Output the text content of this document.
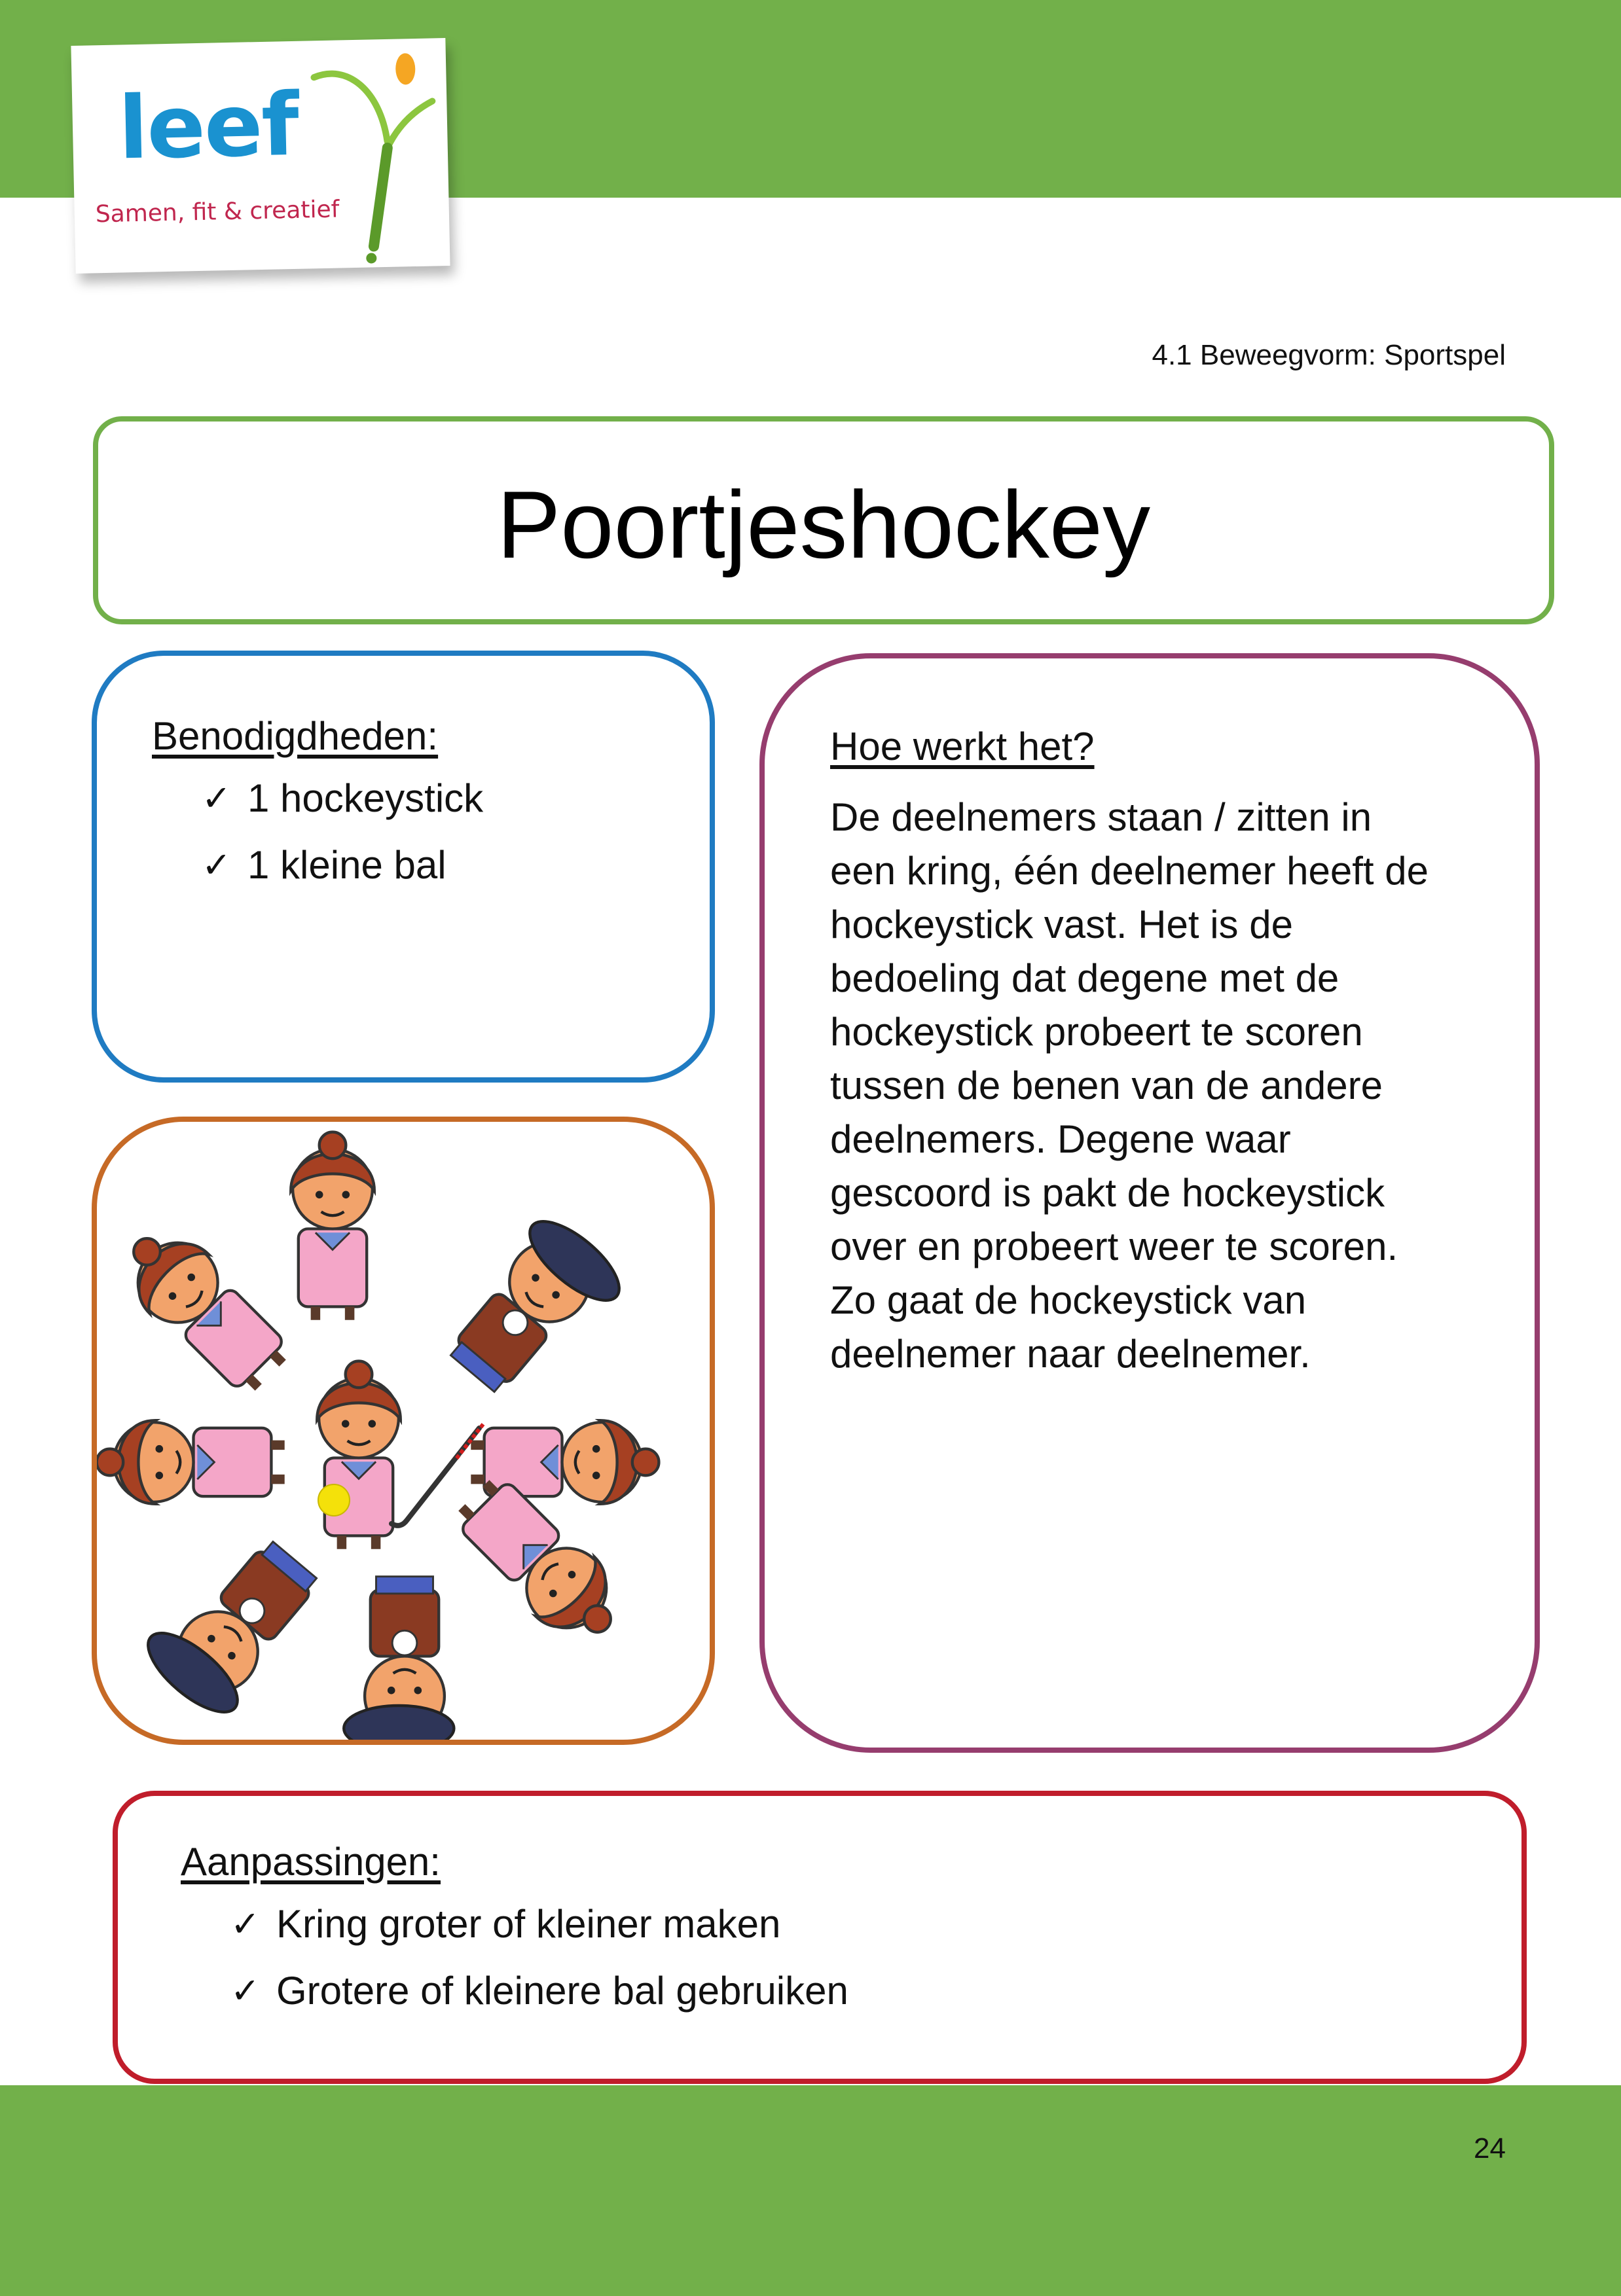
leef
Samen, fit & creatief
4.1 Beweegvorm: Sportspel
Poortjeshockey
Benodigdheden:
✓ 1 hockeystick
✓ 1 kleine bal
Hoe werkt het?
De deelnemers staan / zitten in
een kring, één deelnemer heeft de
hockeystick vast. Het is de
bedoeling dat degene met de
hockeystick probeert te scoren
tussen de benen van de andere
deelnemers. Degene waar
gescoord is pakt de hockeystick
over en probeert weer te scoren.
Zo gaat de hockeystick van
deelnemer naar deelnemer.
Aanpassingen:
✓ Kring groter of kleiner maken
✓ Grotere of kleinere bal gebruiken
24
